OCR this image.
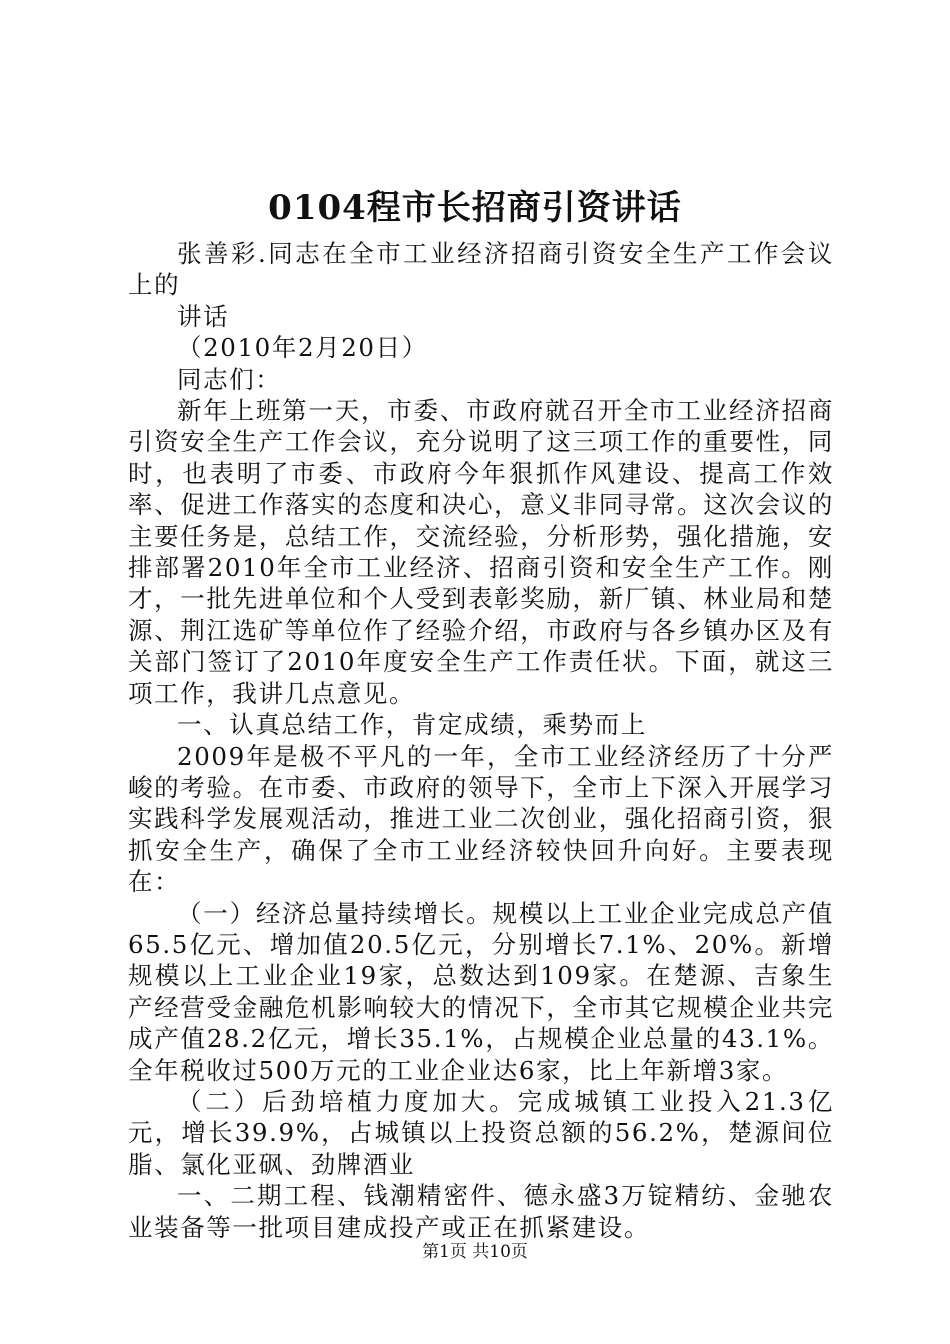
0104程市长招商引资讲话

张善彩.同志在全市工业经济招商引资安全生产工作会议上的

讲话

（2010年2月20日）

同志们：

新年上班第一天，市委、市政府就召开全市工业经济招商引资安全生产工作会议，充分说明了这三项工作的重要性，同时，也表明了市委、市政府今年狠抓作风建设、提高工作效率、促进工作落实的态度和决心，意义非同寻常。这次会议的主要任务是，总结工作，交流经验，分析形势，强化措施，安排部署2010年全市工业经济、招商引资和安全生产工作。刚才，一批先进单位和个人受到表彰奖励，新厂镇、林业局和楚源、荆江选矿等单位作了经验介绍，市政府与各乡镇办区及有关部门签订了2010年度安全生产工作责任状。下面，就这三项工作，我讲几点意见。

一、认真总结工作，肯定成绩，乘势而上

2009年是极不平凡的一年，全市工业经济经历了十分严峻的考验。在市委、市政府的领导下，全市上下深入开展学习实践科学发展观活动，推进工业二次创业，强化招商引资，狠抓安全生产，确保了全市工业经济较快回升向好。主要表现在：

（一）经济总量持续增长。规模以上工业企业完成总产值65.5亿元、增加值20.5亿元，分别增长7.1%、20%。新增规模以上工业企业19家，总数达到109家。在楚源、吉象生产经营受金融危机影响较大的情况下，全市其它规模企业共完成产值28.2亿元，增长35.1%，占规模企业总量的43.1%。全年税收过500万元的工业企业达6家，比上年新增3家。

（二）后劲培植力度加大。完成城镇工业投入21.3亿元，增长39.9%，占城镇以上投资总额的56.2%，楚源间位脂、氯化亚砜、劲牌酒业

一、二期工程、钱潮精密件、德永盛3万锭精纺、金驰农业装备等一批项目建成投产或正在抓紧建设。

第1页 共10页
